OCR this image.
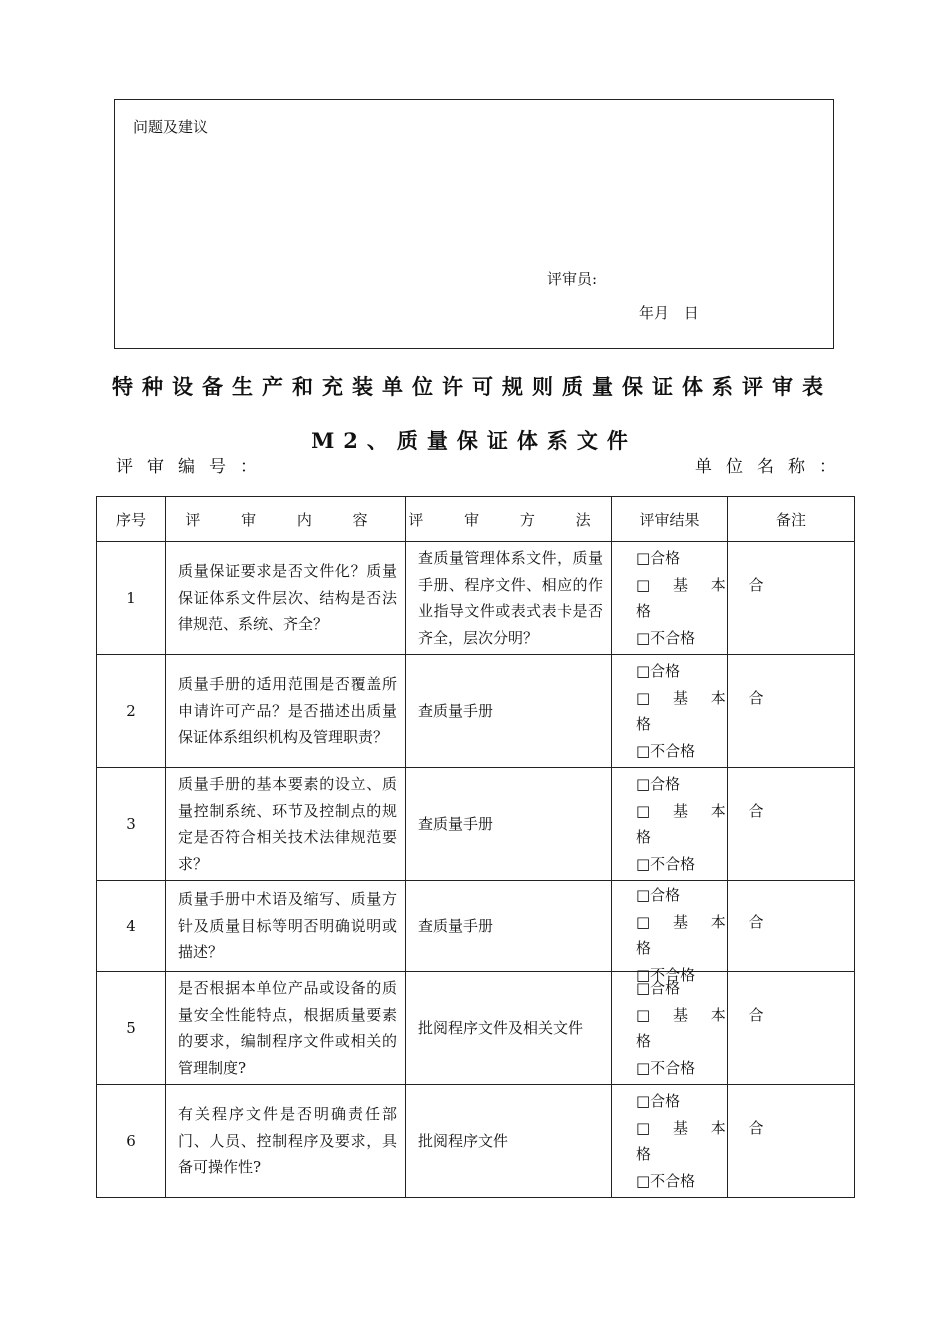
问题及建议
评审员:
年月 日
特种设备生产和充装单位许可规则质量保证体系评审表
M2、质量保证体系文件
评审编号：	单位名称：
序号	评 审 内 容	评 审 方 法	评审结果	备注
1	质量保证要求是否文件化？质量保证体系文件层次、结构是否法律规范、系统、齐全？	查质量管理体系文件，质量手册、程序文件、相应的作业指导文件或表式表卡是否齐全，层次分明？	□合格
□ 基 本 合
格
□不合格	

2	质量手册的适用范围是否覆盖所申请许可产品？是否描述出质量保证体系组织机构及管理职责？	查质量手册	□合格
□ 基 本 合
格
□不合格	

3	质量手册的基本要素的设立、质量控制系统、环节及控制点的规定是否符合相关技术法律规范要求？	查质量手册	□合格
□ 基 本 合
格
□不合格	

4	质量手册中术语及缩写、质量方针及质量目标等明否明确说明或描述？	查质量手册	□合格
□ 基 本 合
格
□不合格	

5	是否根据本单位产品或设备的质量安全性能特点，根据质量要素的要求，编制程序文件或相关的管理制度?	批阅程序文件及相关文件	□合格
□ 基 本 合
格
□不合格	

6	有关程序文件是否明确责任部门、人员、控制程序及要求，具备可操作性?	批阅程序文件	□合格
□ 基 本 合
格
□不合格	
